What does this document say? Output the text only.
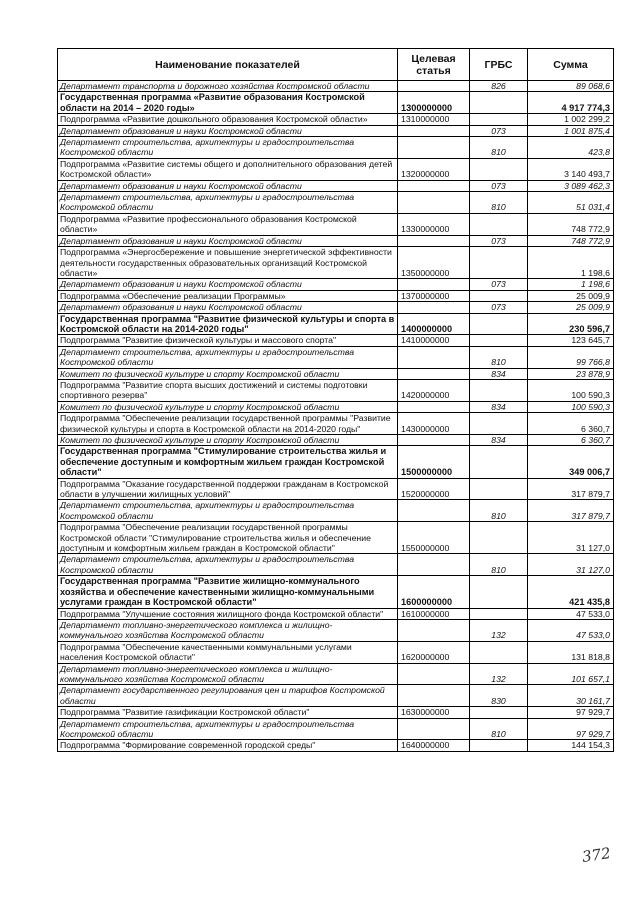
Наименование показателей	Целевая статья	ГРБС	Сумма
Департамент транспорта и дорожного хозяйства Костромской области		826	89 068,6
Государственная программа «Развитие образования Костромской области на 2014 – 2020 годы»	1300000000		4 917 774,3
Подпрограмма «Развитие дошкольного образования Костромской области»	1310000000		1 002 299,2
Департамент образования и науки Костромской области		073	1 001 875,4
Департамент строительства, архитектуры и градостроительства Костромской области		810	423,8
Подпрограмма «Развитие системы общего и дополнительного образования детей Костромской области»	1320000000		3 140 493,7
Департамент образования и науки Костромской области		073	3 089 462,3
Департамент строительства, архитектуры и градостроительства Костромской области		810	51 031,4
Подпрограмма «Развитие профессионального образования Костромской области»	1330000000		748 772,9
Департамент образования и науки Костромской области		073	748 772,9
Подпрограмма «Энергосбережение и повышение энергетической эффективности деятельности государственных образовательных организаций Костромской области»	1350000000		1 198,6
Департамент образования и науки Костромской области		073	1 198,6
Подпрограмма «Обеспечение реализации Программы»	1370000000		25 009,9
Департамент образования и науки Костромской области		073	25 009,9
Государственная программа "Развитие физической культуры и спорта в Костромской области на 2014-2020 годы"	1400000000		230 596,7
Подпрограмма "Развитие физической культуры и массового спорта"	1410000000		123 645,7
Департамент строительства, архитектуры и градостроительства Костромской области		810	99 766,8
Комитет по физической культуре и спорту Костромской области		834	23 878,9
Подпрограмма "Развитие спорта высших достижений и системы подготовки спортивного резерва"	1420000000		100 590,3
Комитет по физической культуре и спорту Костромской области		834	100 590,3
Подпрограмма "Обеспечение реализации государственной программы "Развитие физической культуры и спорта в Костромской области на 2014-2020 годы"	1430000000		6 360,7
Комитет по физической культуре и спорту Костромской области		834	6 360,7
Государственная программа "Стимулирование строительства жилья и обеспечение доступным и комфортным жильем граждан Костромской области"	1500000000		349 006,7
Подпрограмма "Оказание государственной поддержки гражданам в Костромской области в улучшении жилищных условий"	1520000000		317 879,7
Департамент строительства, архитектуры и градостроительства Костромской области		810	317 879,7
Подпрограмма "Обеспечение реализации государственной программы Костромской области "Стимулирование строительства жилья и обеспечение доступным и комфортным жильем граждан в Костромской области"	1550000000		31 127,0
Департамент строительства, архитектуры и градостроительства Костромской области		810	31 127,0
Государственная программа "Развитие жилищно-коммунального хозяйства и обеспечение качественными жилищно-коммунальными услугами граждан в Костромской области"	1600000000		421 435,8
Подпрограмма "Улучшение состояния жилищного фонда Костромской области"	1610000000		47 533,0
Департамент топливно-энергетического комплекса и жилищно-коммунального хозяйства Костромской области		132	47 533,0
Подпрограмма "Обеспечение качественными коммунальными услугами населения Костромской области"	1620000000		131 818,8
Департамент топливно-энергетического комплекса и жилищно-коммунального хозяйства Костромской области		132	101 657,1
Департамент государственного регулирования цен и тарифов Костромской области		830	30 161,7
Подпрограмма "Развитие газификации Костромской области"	1630000000		97 929,7
Департамент строительства, архитектуры и градостроительства Костромской области		810	97 929,7
Подпрограмма "Формирование современной городской среды"	1640000000		144 154,3
372
